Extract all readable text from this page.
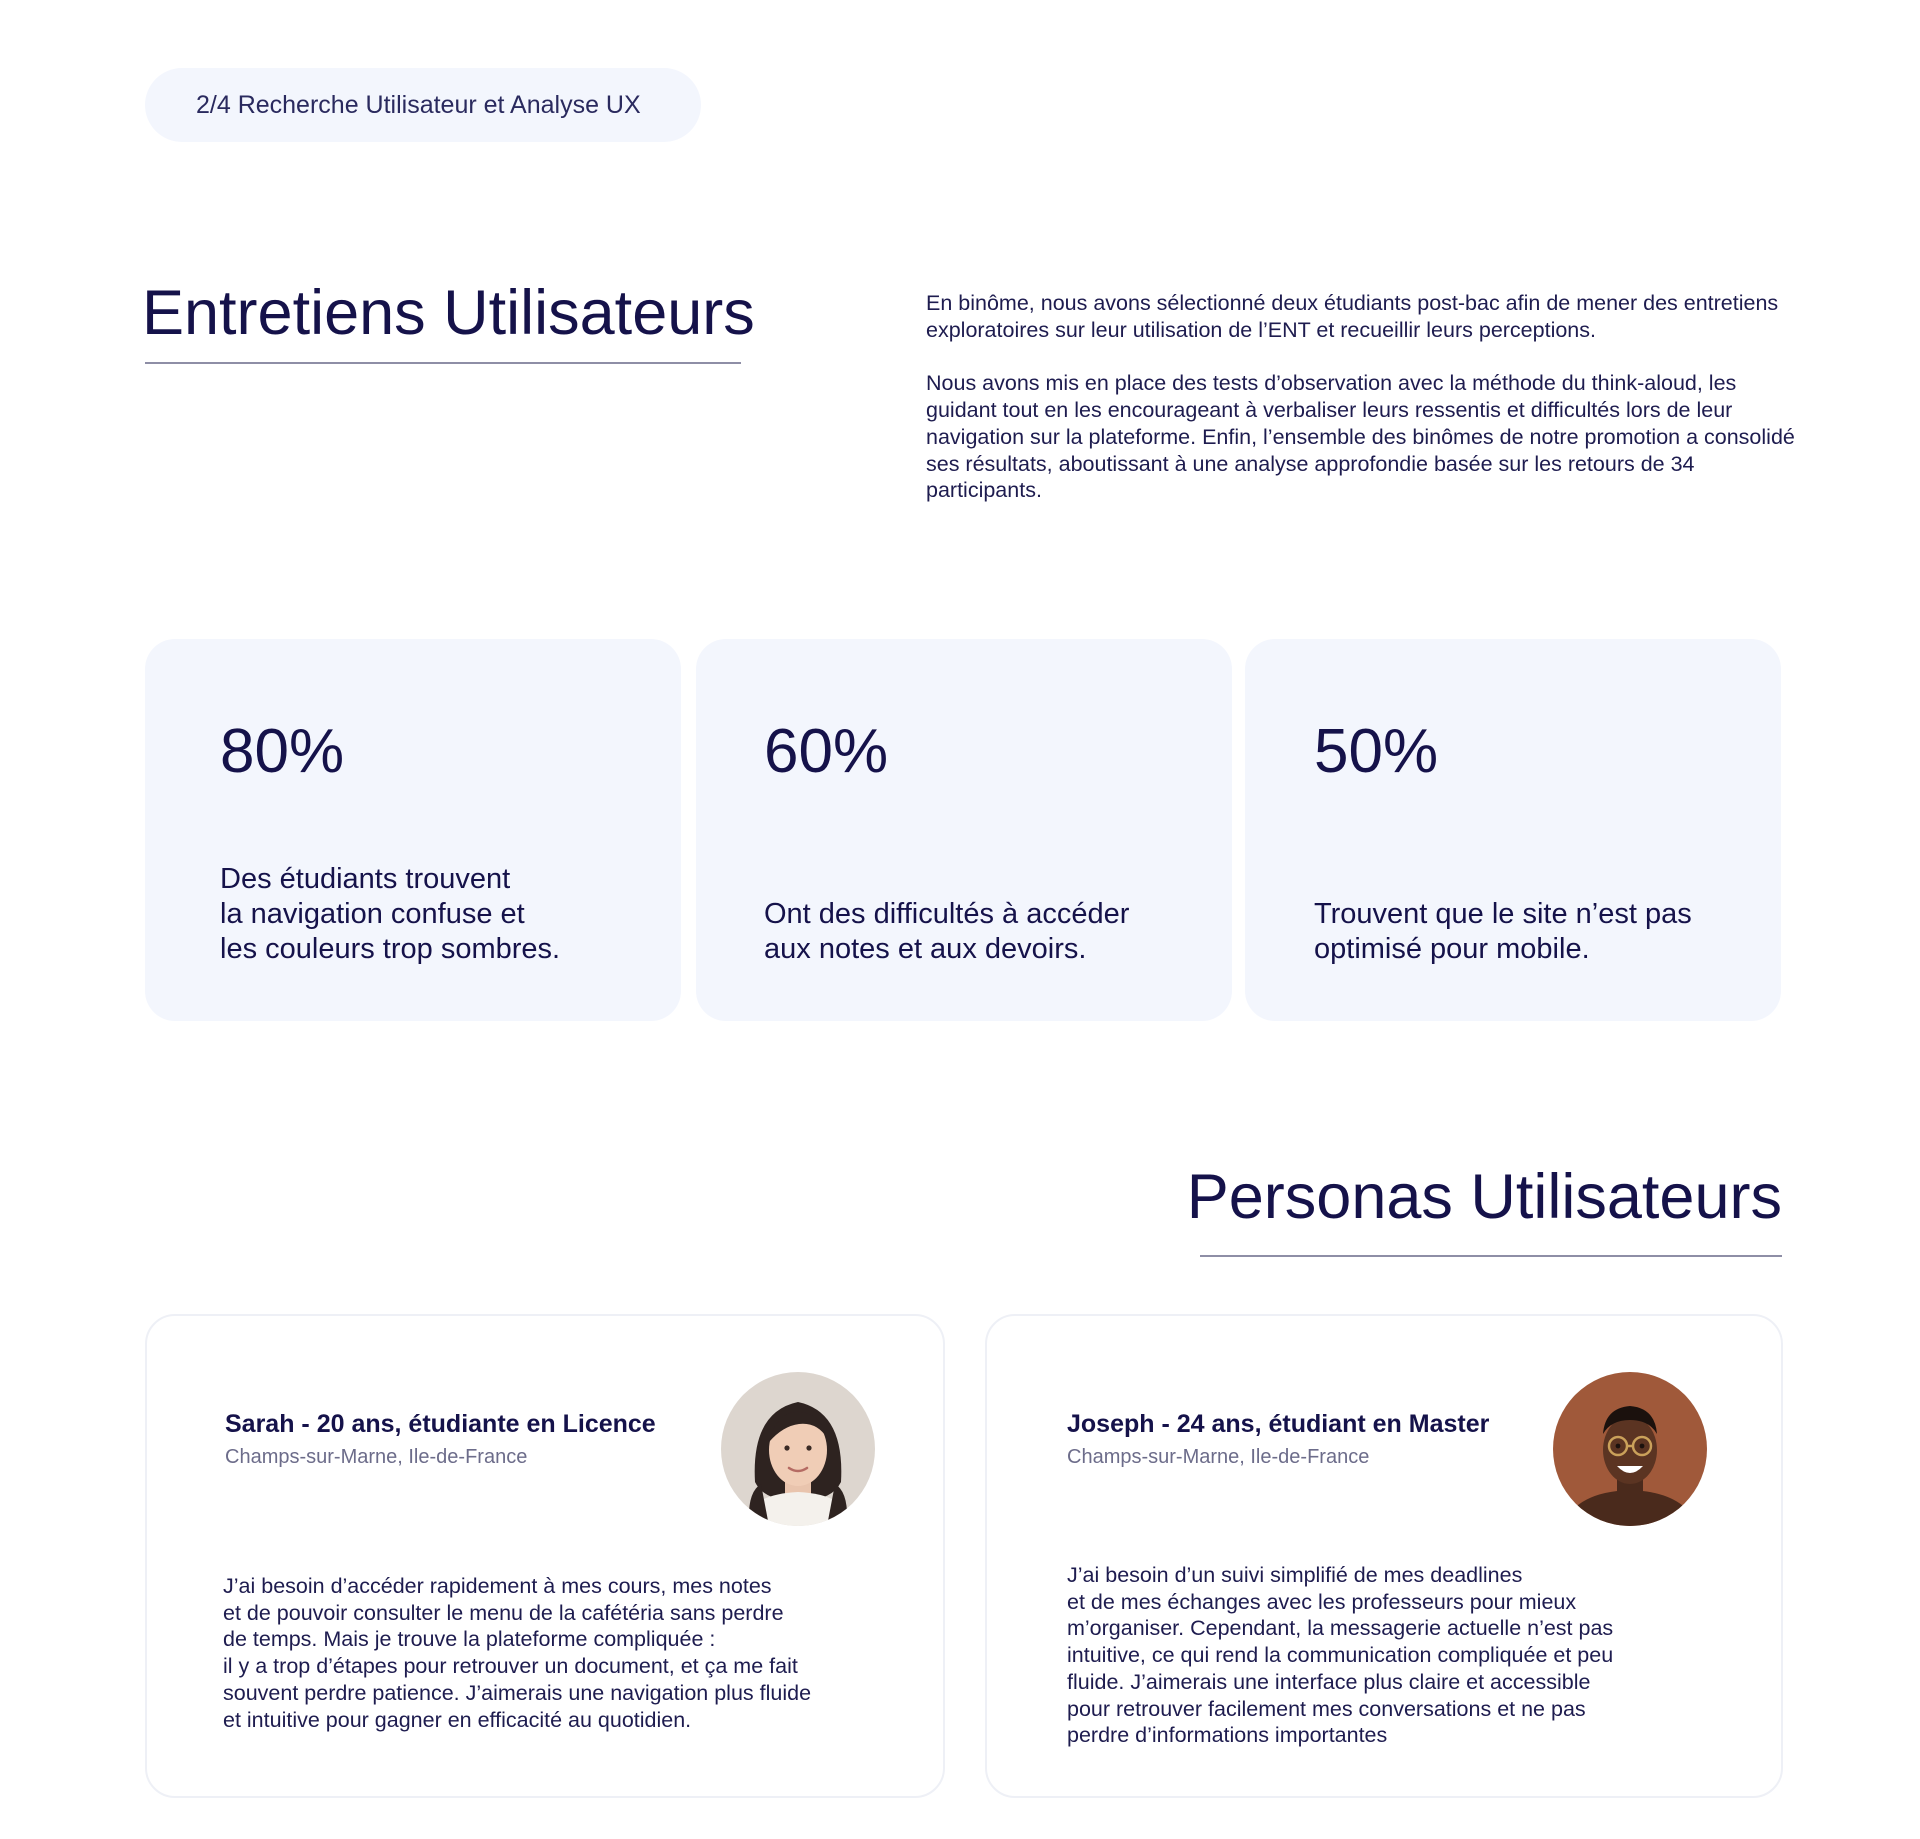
2/4 Recherche Utilisateur et Analyse UX
Entretiens Utilisateurs	En binôme, nous avons sélectionné deux étudiants post-bac afin de mener des entretiens exploratoires sur leur utilisation de l’ENT et recueillir leurs perceptions.

Nous avons mis en place des tests d’observation avec la méthode du think-aloud, les guidant tout en les encourageant à verbaliser leurs ressentis et difficultés lors de leur navigation sur la plateforme. Enfin, l’ensemble des binômes de notre promotion a consolidé ses résultats, aboutissant à une analyse approfondie basée sur les retours de 34 participants.

80%
Des étudiants trouvent
la navigation confuse et
les couleurs trop sombres.
60%
Ont des difficultés à accéder
aux notes et aux devoirs.
50%
Trouvent que le site n’est pas
optimisé pour mobile.
Personas Utilisateurs
Sarah - 20 ans, étudiante en Licence
Champs-sur-Marne, Ile-de-France
J’ai besoin d’accéder rapidement à mes cours, mes notes
et de pouvoir consulter le menu de la cafétéria sans perdre
de temps. Mais je trouve la plateforme compliquée :
il y a trop d’étapes pour retrouver un document, et ça me fait
souvent perdre patience. J’aimerais une navigation plus fluide
et intuitive pour gagner en efficacité au quotidien.
Joseph - 24 ans, étudiant en Master
Champs-sur-Marne, Ile-de-France
J’ai besoin d’un suivi simplifié de mes deadlines
et de mes échanges avec les professeurs pour mieux
m’organiser. Cependant, la messagerie actuelle n’est pas
intuitive, ce qui rend la communication compliquée et peu
fluide. J’aimerais une interface plus claire et accessible
pour retrouver facilement mes conversations et ne pas
perdre d’informations importantes
